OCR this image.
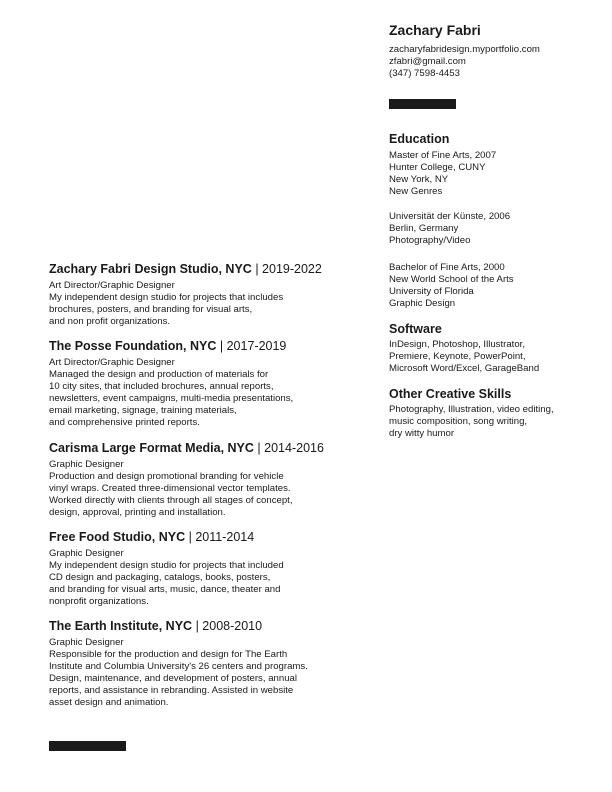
Zachary Fabri
zacharyfabridesign.myportfolio.com
zfabri@gmail.com
(347) 7598-4453
Education
Master of Fine Arts, 2007
Hunter College, CUNY
New York, NY
New Genres
Universität der Künste, 2006
Berlin, Germany
Photography/Video
Bachelor of Fine Arts, 2000
New World School of the Arts
University of Florida
Graphic Design
Software
InDesign, Photoshop, Illustrator,
Premiere, Keynote, PowerPoint,
Microsoft Word/Excel, GarageBand
Other Creative Skills
Photography, Illustration, video editing,
music composition, song writing,
dry witty humor
Zachary Fabri Design Studio, NYC | 2019-2022
Art Director/Graphic Designer
My independent design studio for projects that includes
brochures, posters, and branding for visual arts,
and non profit organizations.
The Posse Foundation, NYC | 2017-2019
Art Director/Graphic Designer
Managed the design and production of materials for
10 city sites, that included brochures, annual reports,
newsletters, event campaigns, multi-media presentations,
email marketing, signage, training materials,
and comprehensive printed reports.
Carisma Large Format Media, NYC | 2014-2016
Graphic Designer
Production and design promotional branding for vehicle
vinyl wraps. Created three-dimensional vector templates.
Worked directly with clients through all stages of concept,
design, approval, printing and installation.
Free Food Studio, NYC | 2011-2014
Graphic Designer
My independent design studio for projects that included
CD design and packaging, catalogs, books, posters,
and branding for visual arts, music, dance, theater and
nonprofit organizations.
The Earth Institute, NYC | 2008-2010
Graphic Designer
Responsible for the production and design for The Earth
Institute and Columbia University's 26 centers and programs.
Design, maintenance, and development of posters, annual
reports, and assistance in rebranding. Assisted in website
asset design and animation.
